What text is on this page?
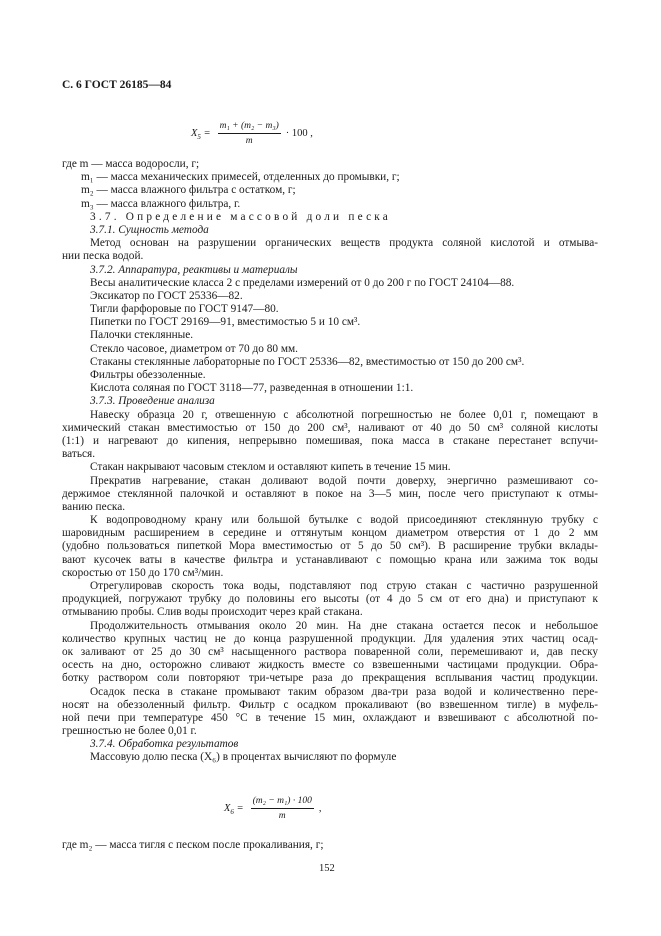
С. 6 ГОСТ 26185—84
$X_5 = \frac{\text{m₁ + (m₂ − m₃)}}{m} \cdot 100$ ,
где m — масса водоросли, г;
m₁ — масса механических примесей, отделенных до промывки, г;
m₂ — масса влажного фильтра с остатком, г;
m₃ — масса влажного фильтра, г.
3.7. Определение массовой доли песка
3.7.1. Сущность метода
Метод основан на разрушении органических веществ продукта соляной кислотой и отмыва-
нии песка водой.
3.7.2. Аппаратура, реактивы и материалы
Весы аналитические класса 2 с пределами измерений от 0 до 200 г по ГОСТ 24104—88.
Эксикатор по ГОСТ 25336—82.
Тигли фарфоровые по ГОСТ 9147—80.
Пипетки по ГОСТ 29169—91, вместимостью 5 и 10 см³.
Палочки стеклянные.
Стекло часовое, диаметром от 70 до 80 мм.
Стаканы стеклянные лабораторные по ГОСТ 25336—82, вместимостью от 150 до 200 см³.
Фильтры обеззоленные.
Кислота соляная по ГОСТ 3118—77, разведенная в отношении 1:1.
3.7.3. Проведение анализа
Навеску образца 20 г, отвешенную с абсолютной погрешностью не более 0,01 г, помещают в
химический стакан вместимостью от 150 до 200 см³, наливают от 40 до 50 см³ соляной кислоты
(1:1) и нагревают до кипения, непрерывно помешивая, пока масса в стакане перестанет вспучи-
ваться.
Стакан накрывают часовым стеклом и оставляют кипеть в течение 15 мин.
Прекратив нагревание, стакан доливают водой почти доверху, энергично размешивают со-
держимое стеклянной палочкой и оставляют в покое на 3—5 мин, после чего приступают к отмы-
ванию песка.
К водопроводному крану или большой бутылке с водой присоединяют стеклянную трубку с
шаровидным расширением в середине и оттянутым концом диаметром отверстия от 1 до 2 мм
(удобно пользоваться пипеткой Мора вместимостью от 5 до 50 см³). В расширение трубки вклады-
вают кусочек ваты в качестве фильтра и устанавливают с помощью крана или зажима ток воды
скоростью от 150 до 170 см³/мин.
Отрегулировав скорость тока воды, подставляют под струю стакан с частично разрушенной
продукцией, погружают трубку до половины его высоты (от 4 до 5 см от его дна) и приступают к
отмыванию пробы. Слив воды происходит через край стакана.
Продолжительность отмывания около 20 мин. На дне стакана остается песок и небольшое
количество крупных частиц не до конца разрушенной продукции. Для удаления этих частиц осад-
ок заливают от 25 до 30 см³ насыщенного раствора поваренной соли, перемешивают и, дав песку
осесть на дно, осторожно сливают жидкость вместе со взвешенными частицами продукции. Обра-
ботку раствором соли повторяют три-четыре раза до прекращения всплывания частиц продукции.
Осадок песка в стакане промывают таким образом два-три раза водой и количественно пере-
носят на обеззоленный фильтр. Фильтр с осадком прокаливают (во взвешенном тигле) в муфель-
ной печи при температуре 450 °С в течение 15 мин, охлаждают и взвешивают с абсолютной по-
грешностью не более 0,01 г.
3.7.4. Обработка результатов
Массовую долю песка (X₆) в процентах вычисляют по формуле
$X_6 = \frac{\text{(m₂ − m₁) · 100}}{m}$ ,
где m₂ — масса тигля с песком после прокаливания, г;
152
